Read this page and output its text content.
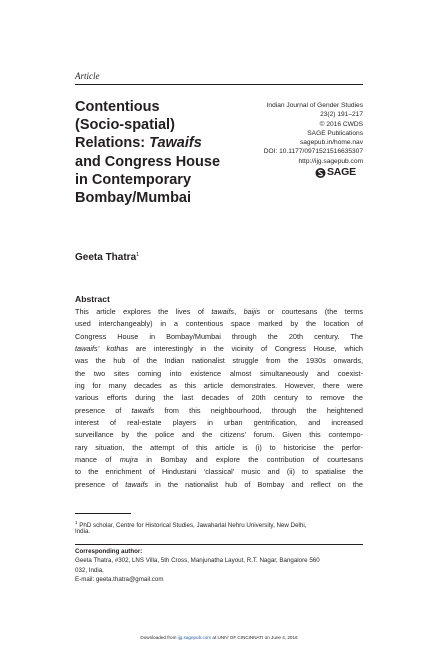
Article
Contentious
(Socio-spatial)
Relations: Tawaifs
and Congress House
in Contemporary
Bombay/Mumbai
Indian Journal of Gender Studies
23(2) 191–217
© 2016 CWDS
SAGE Publications
sagepub.in/home.nav
DOI: 10.1177/0971521516635307
http://ijg.sagepub.com
SAGE
Geeta Thatra$^1$
Abstract
This article explores the lives of tawaifs, baijis or courtesans (the terms
used interchangeably) in a contentious space marked by the location of
Congress House in Bombay/Mumbai through the 20th century. The
tawaifs’ kothas are interestingly in the vicinity of Congress House, which
was the hub of the Indian nationalist struggle from the 1930s onwards,
the two sites coming into existence almost simultaneously and coexist-
ing for many decades as this article demonstrates. However, there were
various efforts during the last decades of 20th century to remove the
presence of tawaifs from this neighbourhood, through the heightened
interest of real-estate players in urban gentrification, and increased
surveillance by the police and the citizens’ forum. Given this contempo-
rary situation, the attempt of this article is (i) to historicise the perfor-
mance of mujra in Bombay and explore the contribution of courtesans
to the enrichment of Hindustani ‘classical’ music and (ii) to spatialise the
presence of tawaifs in the nationalist hub of Bombay and reflect on the
$^1$ PhD scholar, Centre for Historical Studies, Jawaharlal Nehru University, New Delhi,
India.
Corresponding author:
Geeta Thatra, #302, LNS Villa, 5th Cross, Manjunatha Layout, R.T. Nagar, Bangalore 560
032, India.
E-mail: geeta.thatra@gmail.com
Downloaded from ijg.sagepub.com at UNIV OF CINCINNATI on June 4, 2016
